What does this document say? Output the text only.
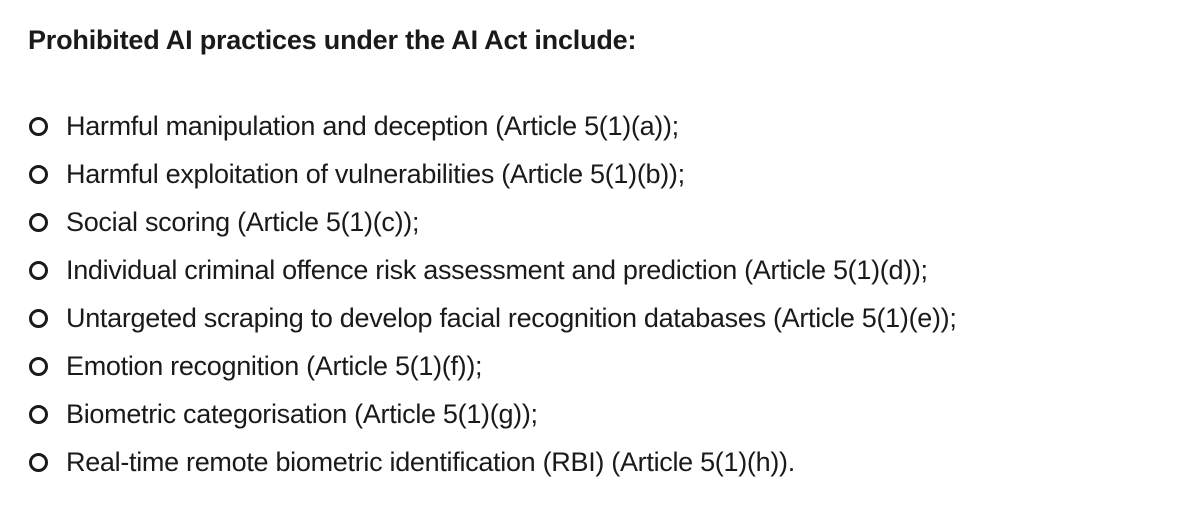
Prohibited AI practices under the AI Act include:
Harmful manipulation and deception (Article 5(1)(a));
Harmful exploitation of vulnerabilities (Article 5(1)(b));
Social scoring (Article 5(1)(c));
Individual criminal offence risk assessment and prediction (Article 5(1)(d));
Untargeted scraping to develop facial recognition databases (Article 5(1)(e));
Emotion recognition (Article 5(1)(f));
Biometric categorisation (Article 5(1)(g));
Real-time remote biometric identification (RBI) (Article 5(1)(h)).
